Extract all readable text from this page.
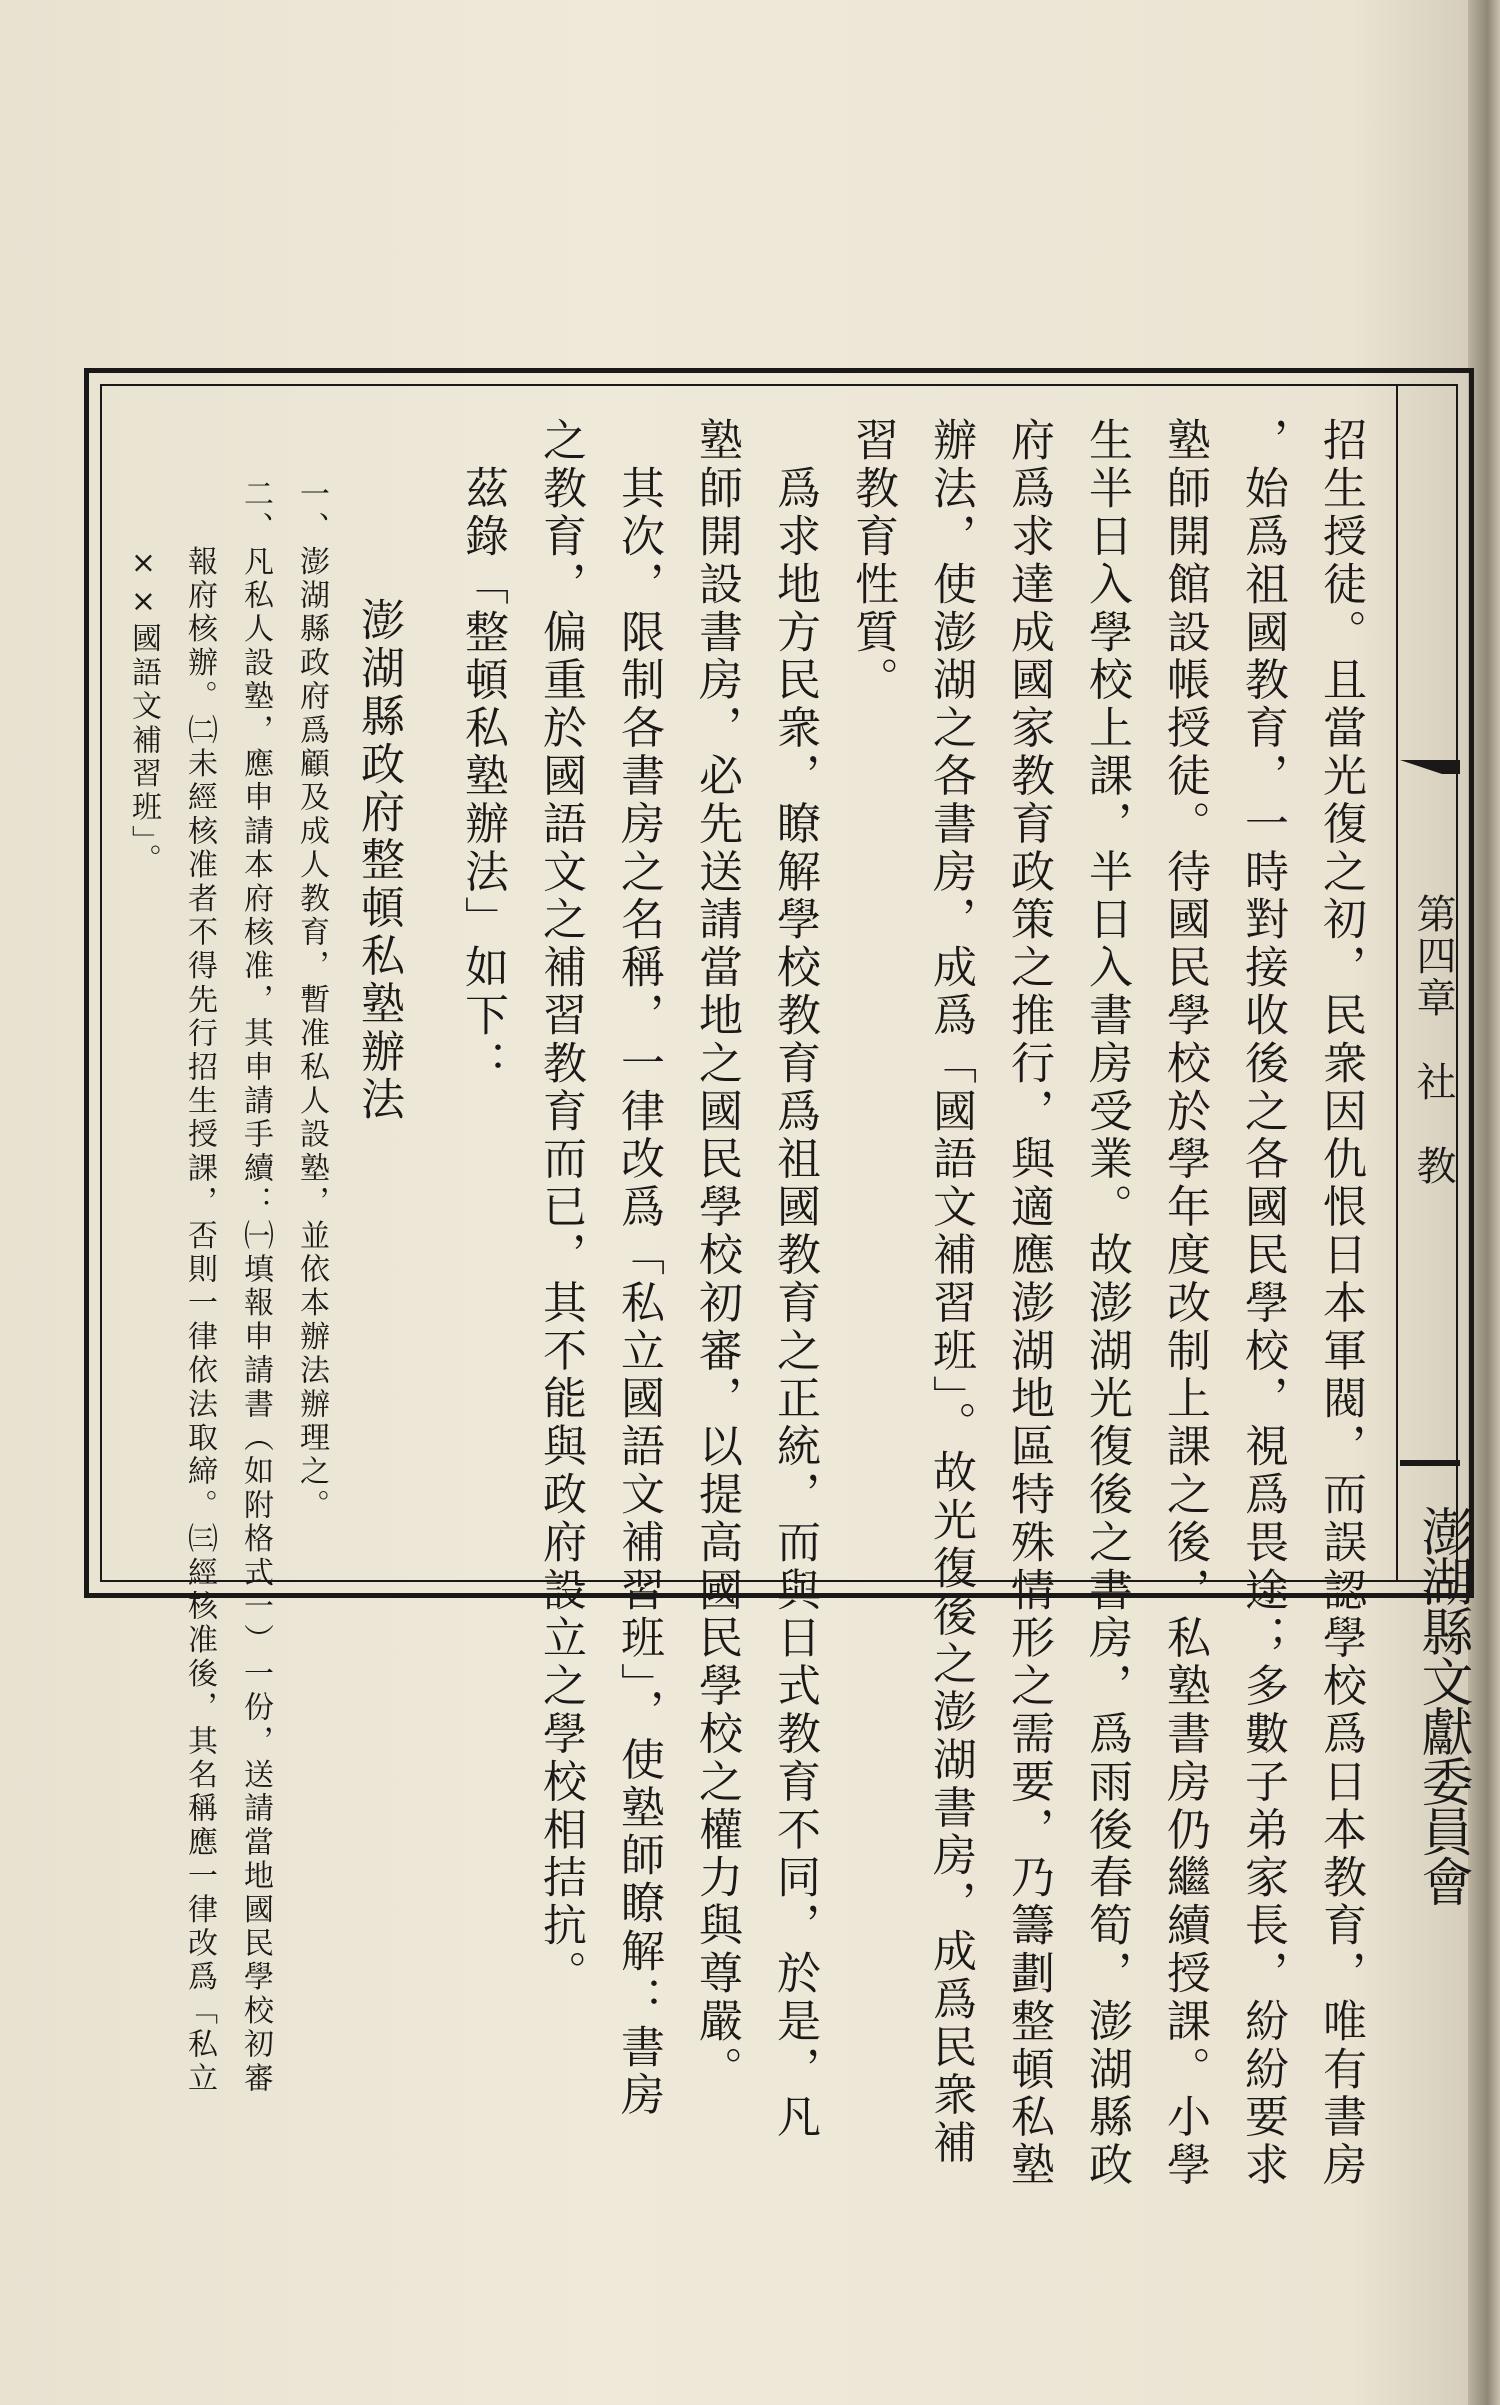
第四章　社　教
澎湖縣文獻委員會
招生授徒。且當光復之初，民衆因仇恨日本軍閥，而誤認學校爲日本教育，唯有書房
，始爲祖國教育，一時對接收後之各國民學校，視爲畏途；多數子弟家長，紛紛要求
塾師開館設帳授徒。待國民學校於學年度改制上課之後，私塾書房仍繼續授課。小學
生半日入學校上課，半日入書房受業。故澎湖光復後之書房，爲雨後春筍，澎湖縣政
府爲求達成國家教育政策之推行，與適應澎湖地區特殊情形之需要，乃籌劃整頓私塾
辦法，使澎湖之各書房，成爲「國語文補習班」。故光復後之澎湖書房，成爲民衆補
習教育性質。
　爲求地方民衆，瞭解學校教育爲祖國教育之正統，而與日式教育不同，於是，凡
塾師開設書房，必先送請當地之國民學校初審，以提高國民學校之權力與尊嚴。
　其次，限制各書房之名稱，一律改爲「私立國語文補習班」，使塾師瞭解：書房
之教育，偏重於國語文之補習教育而已，其不能與政府設立之學校相拮抗。
　茲錄「整頓私塾辦法」如下：
澎湖縣政府整頓私塾辦法
一、澎湖縣政府爲顧及成人教育，暫准私人設塾，並依本辦法辦理之。
二、凡私人設塾，應申請本府核准，其申請手續：㈠填報申請書（如附格式一）一份，送請當地國民學校初審
　　報府核辦。㈡未經核准者不得先行招生授課，否則一律依法取締。㈢經核准後，其名稱應一律改爲「私立
　　××國語文補習班」。
